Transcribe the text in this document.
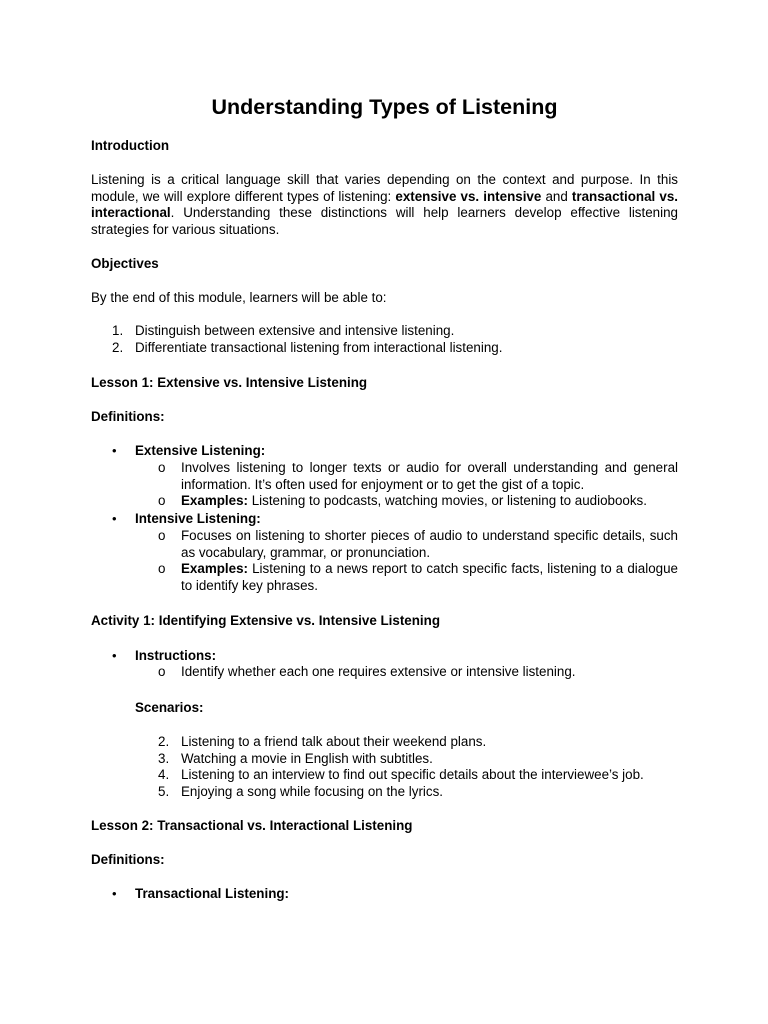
Understanding Types of Listening

Introduction

Listening is a critical language skill that varies depending on the context and purpose. In this module, we will explore different types of listening: extensive vs. intensive and transactional vs. interactional. Understanding these distinctions will help learners develop effective listening strategies for various situations.

Objectives

By the end of this module, learners will be able to:

1. Distinguish between extensive and intensive listening.
2. Differentiate transactional listening from interactional listening.

Lesson 1: Extensive vs. Intensive Listening

Definitions:

• Extensive Listening:
o Involves listening to longer texts or audio for overall understanding and general information. It’s often used for enjoyment or to get the gist of a topic.
o Examples: Listening to podcasts, watching movies, or listening to audiobooks.
• Intensive Listening:
o Focuses on listening to shorter pieces of audio to understand specific details, such as vocabulary, grammar, or pronunciation.
o Examples: Listening to a news report to catch specific facts, listening to a dialogue to identify key phrases.

Activity 1: Identifying Extensive vs. Intensive Listening

• Instructions:
o Identify whether each one requires extensive or intensive listening.

Scenarios:

2. Listening to a friend talk about their weekend plans.
3. Watching a movie in English with subtitles.
4. Listening to an interview to find out specific details about the interviewee’s job.
5. Enjoying a song while focusing on the lyrics.

Lesson 2: Transactional vs. Interactional Listening

Definitions:

• Transactional Listening:
